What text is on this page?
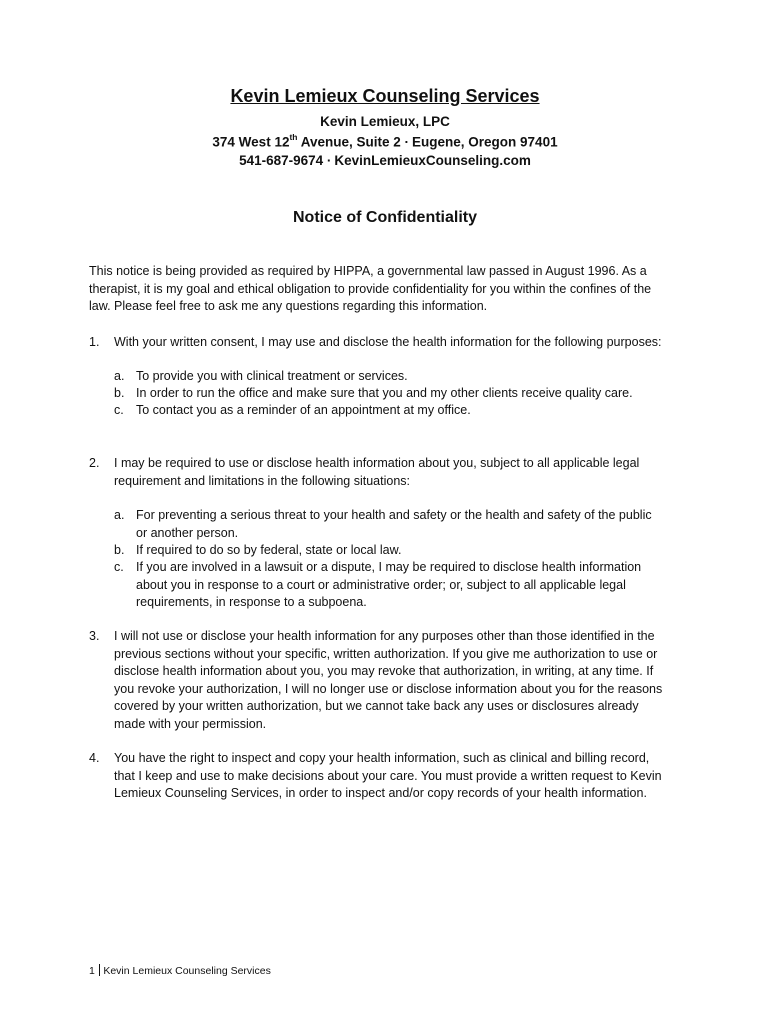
Kevin Lemieux Counseling Services
Kevin Lemieux, LPC
374 West 12th Avenue, Suite 2 ∙ Eugene, Oregon 97401
541-687-9674 ∙ KevinLemieuxCounseling.com
Notice of Confidentiality
This notice is being provided as required by HIPPA, a governmental law passed in August 1996. As a
therapist, it is my goal and ethical obligation to provide confidentiality for you within the confines of the
law. Please feel free to ask me any questions regarding this information.
1. With your written consent, I may use and disclose the health information for the following purposes:
a. To provide you with clinical treatment or services.
b. In order to run the office and make sure that you and my other clients receive quality care.
c. To contact you as a reminder of an appointment at my office.
2. I may be required to use or disclose health information about you, subject to all applicable legal
requirement and limitations in the following situations:
a. For preventing a serious threat to your health and safety or the health and safety of the public
or another person.
b. If required to do so by federal, state or local law.
c. If you are involved in a lawsuit or a dispute, I may be required to disclose health information
about you in response to a court or administrative order; or, subject to all applicable legal
requirements, in response to a subpoena.
3. I will not use or disclose your health information for any purposes other than those identified in the
previous sections without your specific, written authorization. If you give me authorization to use or
disclose health information about you, you may revoke that authorization, in writing, at any time. If
you revoke your authorization, I will no longer use or disclose information about you for the reasons
covered by your written authorization, but we cannot take back any uses or disclosures already
made with your permission.
4. You have the right to inspect and copy your health information, such as clinical and billing record,
that I keep and use to make decisions about your care. You must provide a written request to Kevin
Lemieux Counseling Services, in order to inspect and/or copy records of your health information.
1 Kevin Lemieux Counseling Services
